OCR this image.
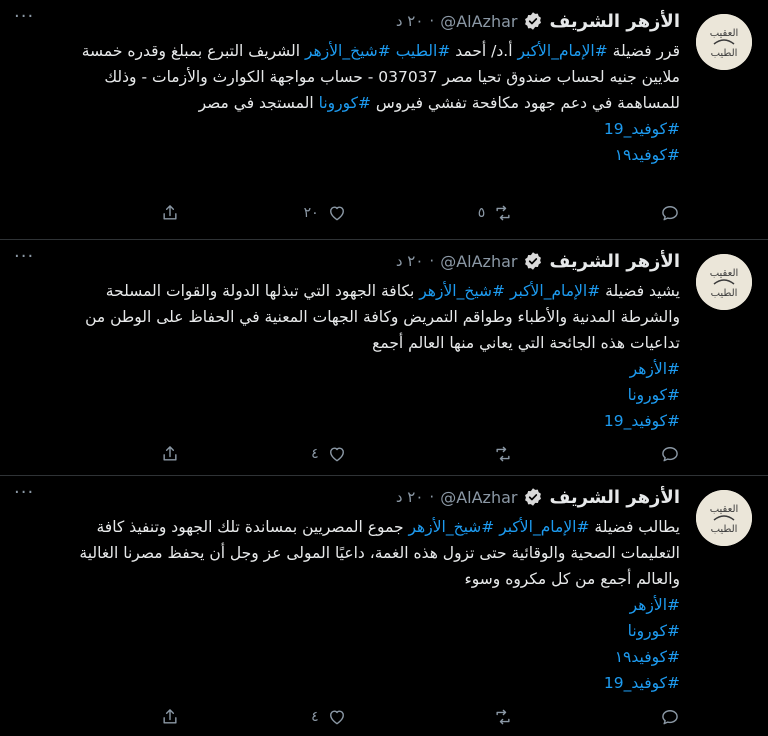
العقيب
الطيب
الأزهر الشريف
@AlAzhar
·
٢٠ د
···
قرر فضيلة #الإمام_الأكبر أ.د/ أحمد #الطيب #شيخ_الأزهر الشريف التبرع بمبلغ وقدره خمسة ملايين جنيه لحساب صندوق تحيا مصر 037037 - حساب مواجهة الكوارث والأزمات - وذلك للمساهمة في دعم جهود مكافحة تفشي فيروس #كورونا المستجد في مصر
#كوفيد_19
#كوفيد١٩
٥
٢٠
العقيب
الطيب
الأزهر الشريف
@AlAzhar
·
٢٠ د
···
يشيد فضيلة #الإمام_الأكبر #شيخ_الأزهر بكافة الجهود التي تبذلها الدولة والقوات المسلحة والشرطة المدنية والأطباء وطواقم التمريض وكافة الجهات المعنية في الحفاظ على الوطن من تداعيات هذه الجائحة التي يعاني منها العالم أجمع
#الأزهر
#كورونا
#كوفيد_19
٤
العقيب
الطيب
الأزهر الشريف
@AlAzhar
·
٢٠ د
···
يطالب فضيلة #الإمام_الأكبر #شيخ_الأزهر جموع المصريين بمساندة تلك الجهود وتنفيذ كافة التعليمات الصحية والوقائية حتى تزول هذه الغمة، داعيًا المولى عز وجل أن يحفظ مصرنا الغالية والعالم أجمع من كل مكروه وسوء
#الأزهر
#كورونا
#كوفيد١٩
#كوفيد_19
٤
